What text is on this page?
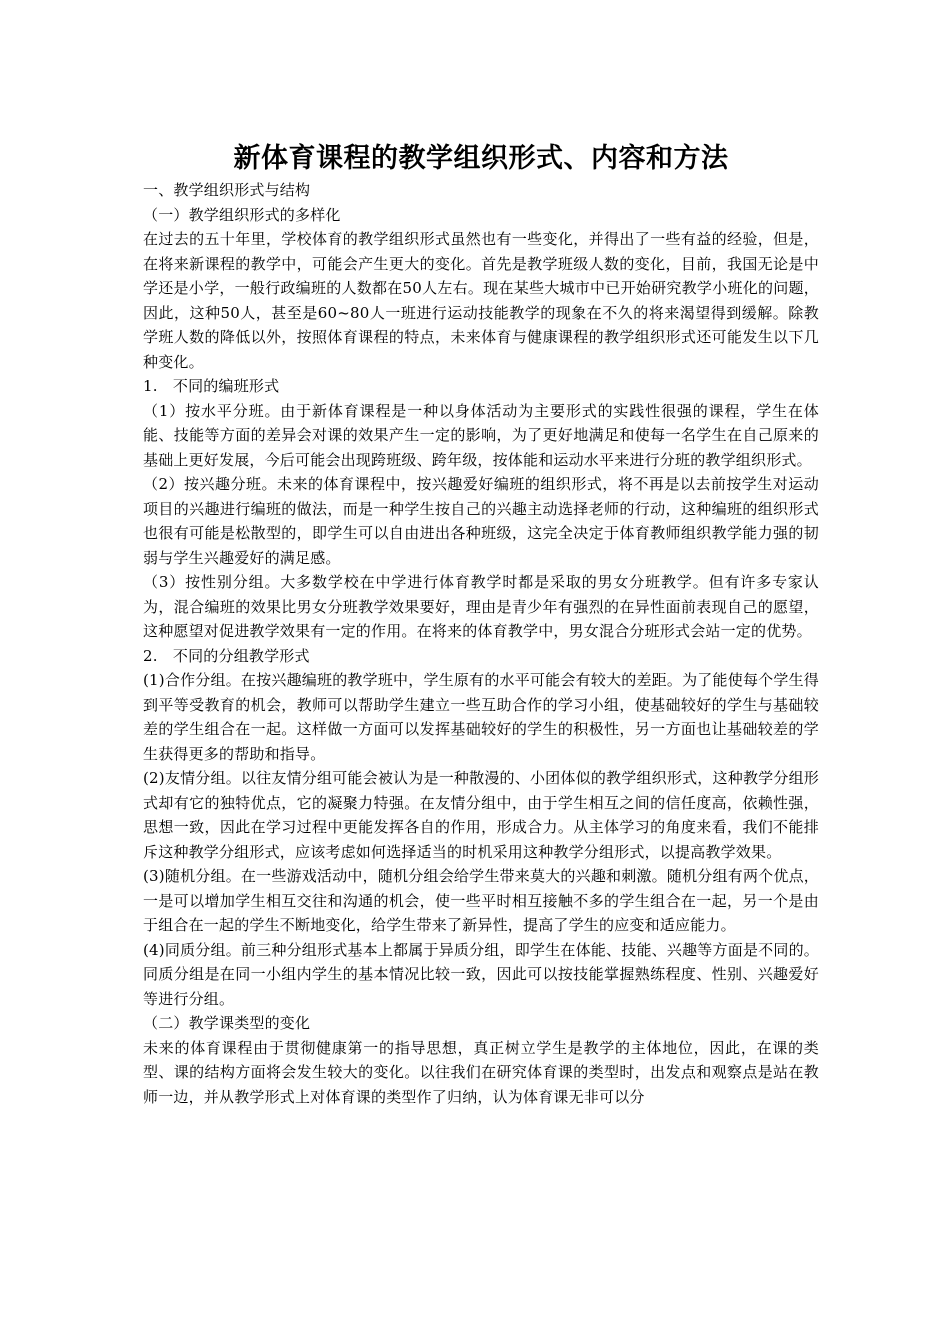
新体育课程的教学组织形式、内容和方法
一、教学组织形式与结构
（一）教学组织形式的多样化

在过去的五十年里，学校体育的教学组织形式虽然也有一些变化，并得出了一些有益的经验，但是，在将来新课程的教学中，可能会产生更大的变化。首先是教学班级人数的变化，目前，我国无论是中学还是小学，一般行政编班的人数都在50人左右。现在某些大城市中已开始研究教学小班化的问题，因此，这种50人，甚至是60~80人一班进行运动技能教学的现象在不久的将来渴望得到缓解。除教学班人数的降低以外，按照体育课程的特点，未来体育与健康课程的教学组织形式还可能发生以下几种变化。

1.　不同的编班形式

（1）按水平分班。由于新体育课程是一种以身体活动为主要形式的实践性很强的课程，学生在体能、技能等方面的差异会对课的效果产生一定的影响，为了更好地满足和使每一名学生在自己原来的基础上更好发展，今后可能会出现跨班级、跨年级，按体能和运动水平来进行分班的教学组织形式。

（2）按兴趣分班。未来的体育课程中，按兴趣爱好编班的组织形式，将不再是以去前按学生对运动项目的兴趣进行编班的做法，而是一种学生按自己的兴趣主动选择老师的行动，这种编班的组织形式也很有可能是松散型的，即学生可以自由进出各种班级，这完全决定于体育教师组织教学能力强的韧弱与学生兴趣爱好的满足感。

（3）按性别分组。大多数学校在中学进行体育教学时都是采取的男女分班教学。但有许多专家认为，混合编班的效果比男女分班教学效果要好，理由是青少年有强烈的在异性面前表现自己的愿望，这种愿望对促进教学效果有一定的作用。在将来的体育教学中，男女混合分班形式会站一定的优势。

2.　不同的分组教学形式

(1)合作分组。在按兴趣编班的教学班中，学生原有的水平可能会有较大的差距。为了能使每个学生得到平等受教育的机会，教师可以帮助学生建立一些互助合作的学习小组，使基础较好的学生与基础较差的学生组合在一起。这样做一方面可以发挥基础较好的学生的积极性，另一方面也让基础较差的学生获得更多的帮助和指导。

(2)友情分组。以往友情分组可能会被认为是一种散漫的、小团体似的教学组织形式，这种教学分组形式却有它的独特优点，它的凝聚力特强。在友情分组中，由于学生相互之间的信任度高，依赖性强，思想一致，因此在学习过程中更能发挥各自的作用，形成合力。从主体学习的角度来看，我们不能排斥这种教学分组形式，应该考虑如何选择适当的时机采用这种教学分组形式，以提高教学效果。

(3)随机分组。在一些游戏活动中，随机分组会给学生带来莫大的兴趣和刺激。随机分组有两个优点，一是可以增加学生相互交往和沟通的机会，使一些平时相互接触不多的学生组合在一起，另一个是由于组合在一起的学生不断地变化，给学生带来了新异性，提高了学生的应变和适应能力。

(4)同质分组。前三种分组形式基本上都属于异质分组，即学生在体能、技能、兴趣等方面是不同的。同质分组是在同一小组内学生的基本情况比较一致，因此可以按技能掌握熟练程度、性别、兴趣爱好等进行分组。

（二）教学课类型的变化

未来的体育课程由于贯彻健康第一的指导思想，真正树立学生是教学的主体地位，因此，在课的类型、课的结构方面将会发生较大的变化。以往我们在研究体育课的类型时，出发点和观察点是站在教师一边，并从教学形式上对体育课的类型作了归纳，认为体育课无非可以分
